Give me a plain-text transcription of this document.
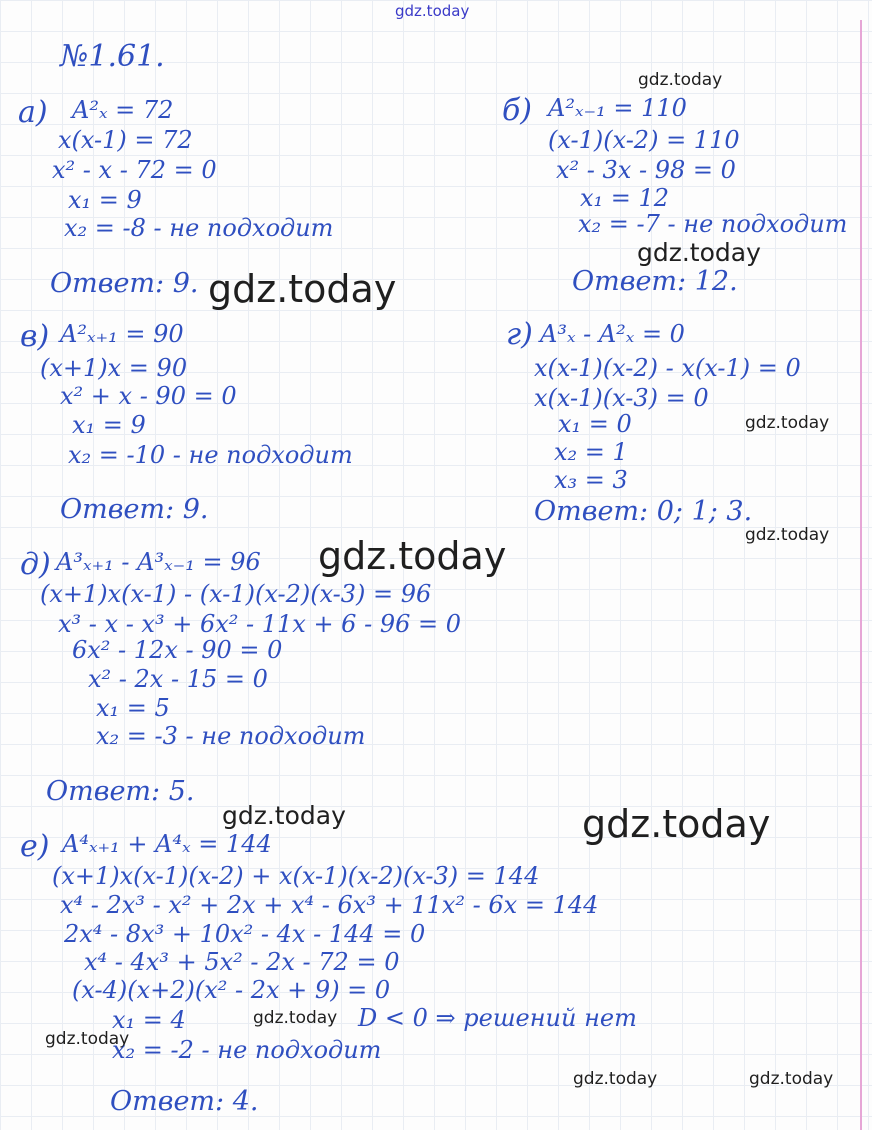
gdz.today
gdz.today
gdz.today
gdz.today
gdz.today
gdz.today
gdz.today
gdz.today	gdz.today
gdz.today
gdz.today
gdz.today	gdz.today
№1.61.
а) A²ₓ = 72
x(x-1) = 72
x² - x - 72 = 0
x₁ = 9
x₂ = -8 - не подходит
Ответ: 9.
б) A²ₓ₋₁ = 110
(x-1)(x-2) = 110
x² - 3x - 98 = 0
x₁ = 12
x₂ = -7 - не подходит
Ответ: 12.
в) A²ₓ₊₁ = 90
(x+1)x = 90
x² + x - 90 = 0
x₁ = 9
x₂ = -10 - не подходит
Ответ: 9.
г) A³ₓ - A²ₓ = 0
x(x-1)(x-2) - x(x-1) = 0
x(x-1)(x-3) = 0
x₁ = 0
x₂ = 1
x₃ = 3
Ответ: 0; 1; 3.
д) A³ₓ₊₁ - A³ₓ₋₁ = 96
(x+1)x(x-1) - (x-1)(x-2)(x-3) = 96
x³ - x - x³ + 6x² - 11x + 6 - 96 = 0
6x² - 12x - 90 = 0
x² - 2x - 15 = 0
x₁ = 5
x₂ = -3 - не подходит
Ответ: 5.
е) A⁴ₓ₊₁ + A⁴ₓ = 144
(x+1)x(x-1)(x-2) + x(x-1)(x-2)(x-3) = 144
x⁴ - 2x³ - x² + 2x + x⁴ - 6x³ + 11x² - 6x = 144
2x⁴ - 8x³ + 10x² - 4x - 144 = 0
x⁴ - 4x³ + 5x² - 2x - 72 = 0
(x-4)(x+2)(x² - 2x + 9) = 0
x₁ = 4	D < 0 ⇒ решений нет
x₂ = -2 - не подходит
Ответ: 4.
